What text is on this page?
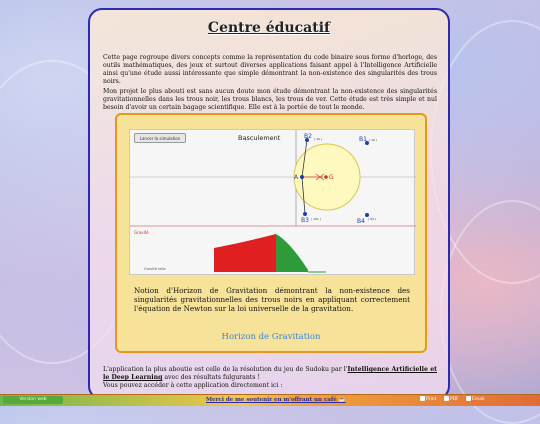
Centre éducatif

Cette page regroupe divers concepts comme la représentation du code binaire sous forme d'horloge, des outils mathématiques, des jeux et surtout diverses applications faisant appel à l'Intelligence Artificielle ainsi qu'une étude aussi intéressante que simple démontrant la non-existence des singularités des trous noirs.

Mon projet le plus abouti est sans aucun doute mon étude démontrant la non-existence des singularités gravitationnelles dans les trous noir, les trous blancs, les trous de ver. Cette étude est très simple et nul besoin d'avoir un certain bagage scientifique. Elle est à la portée de tout le monde.

B2 ( 10 )	B1 ( 10 )
B3 ( 101 )	B4 ( 94 )
A	G
Gravité
Gravité relle
Lancer la simulation	Basculement

Notion d'Horizon de Gravitation démontrant la non-existence des singularités gravitationnelles des trous noirs en appliquant correctement l'équation de Newton sur la loi universelle de la gravitation.

Horizon de Gravitation

L'application la plus aboutie est celle de la résolution du jeu de Sudoku par l'Intelligence Artificielle et le Deep Learning avec des résultats fulgurants !
Vous pouvez accéder à cette application directement ici :

Version web	Merci de me soutenir en m'offrant un café ☕	Print	PDF	Email
